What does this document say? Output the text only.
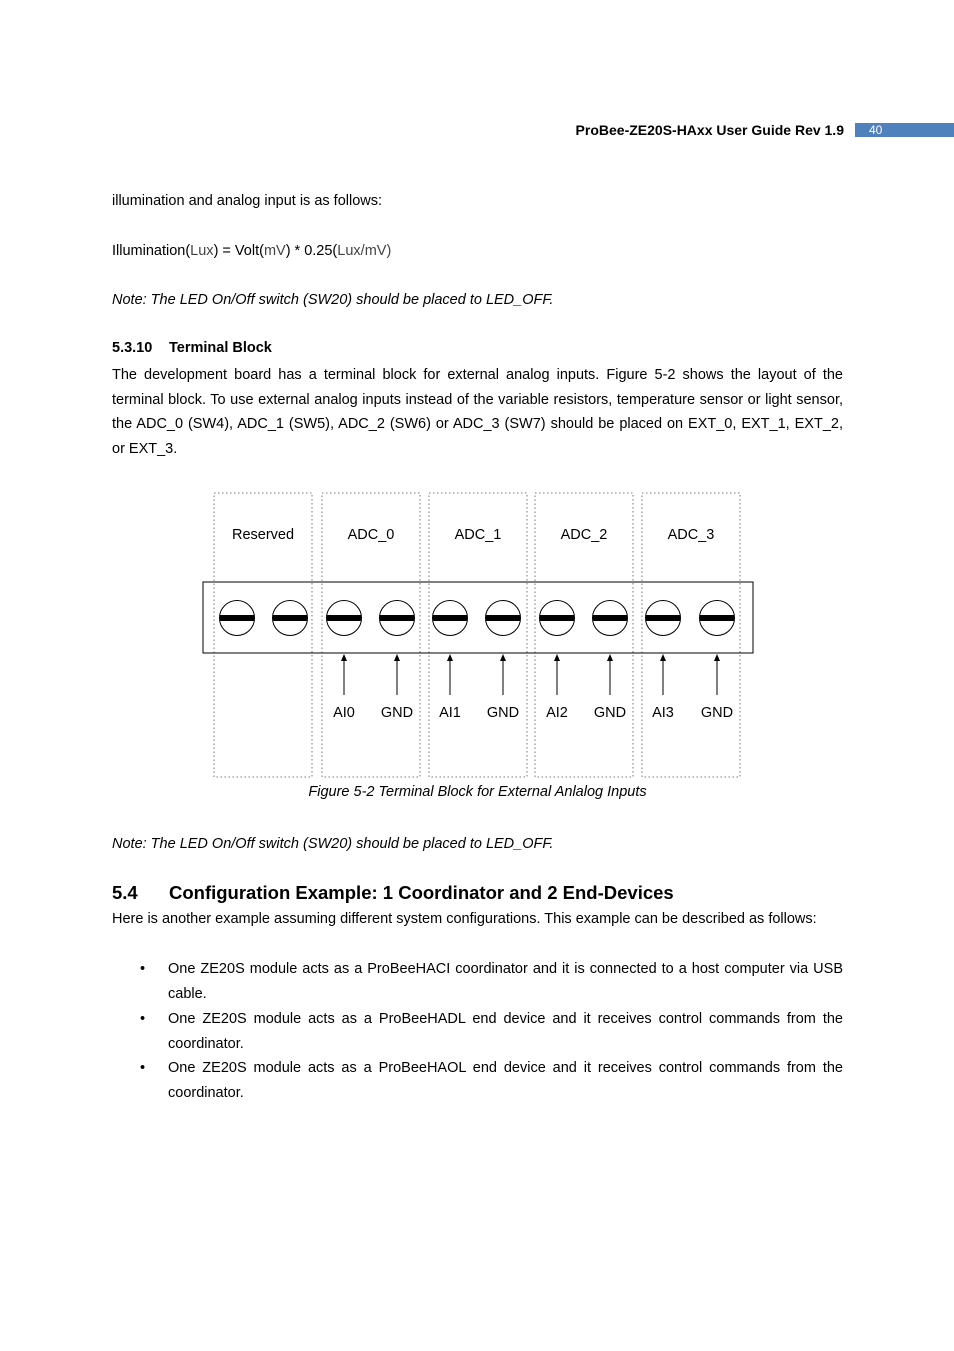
ProBee-ZE20S-HAxx User Guide Rev 1.9	40
illumination and analog input is as follows:
Illumination(Lux) = Volt(mV) * 0.25(Lux/mV)
Note: The LED On/Off switch (SW20) should be placed to LED_OFF.
5.3.10 Terminal Block
The development board has a terminal block for external analog inputs. Figure 5-2 shows the layout of the terminal block. To use external analog inputs instead of the variable resistors, temperature sensor or light sensor, the ADC_0 (SW4), ADC_1 (SW5), ADC_2 (SW6) or ADC_3 (SW7) should be placed on EXT_0, EXT_1, EXT_2, or EXT_3.
Reserved	ADC_0	ADC_1	ADC_2	ADC_3
AI0 GND AI1 GND AI2 GND AI3 GND
Figure 5-2 Terminal Block for External Anlalog Inputs
Note: The LED On/Off switch (SW20) should be placed to LED_OFF.
5.4 Configuration Example: 1 Coordinator and 2 End-Devices
Here is another example assuming different system configurations. This example can be described as follows:
• One ZE20S module acts as a ProBeeHACI coordinator and it is connected to a host computer via USB cable.
• One ZE20S module acts as a ProBeeHADL end device and it receives control commands from the coordinator.
• One ZE20S module acts as a ProBeeHAOL end device and it receives control commands from the coordinator.
